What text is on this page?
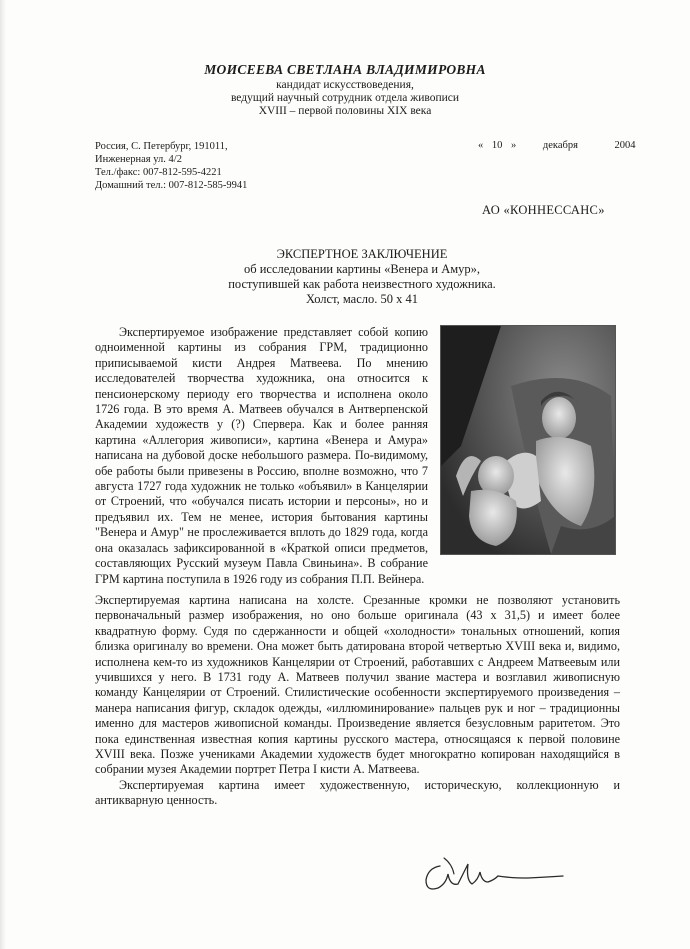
МОИСЕЕВА СВЕТЛАНА ВЛАДИМИРОВНА
кандидат искусствоведения,
ведущий научный сотрудник отдела живописи
XVIII – первой половины XIX века
Россия, С. Петербург, 191011,
Инженерная ул. 4/2
Тел./факс: 007-812-595-4221
Домашний тел.: 007-812-585-9941
« 10 »	декабря	2004
АО «КОННЕССАНС»
ЭКСПЕРТНОЕ ЗАКЛЮЧЕНИЕ
об исследовании картины «Венера и Амур»,
поступившей как работа неизвестного художника.
Холст, масло. 50 х 41

Экспертируемое изображение представляет собой копию одноименной картины из собрания ГРМ, традиционно приписываемой кисти Андрея Матвеева. По мнению исследователей творчества художника, она относится к пенсионерскому периоду его творчества и исполнена около 1726 года. В это время А. Матвеев обучался в Антверпенской Академии художеств у (?) Спервера. Как и более ранняя картина «Аллегория живописи», картина «Венера и Амура» написана на дубовой доске небольшого размера. По-видимому, обе работы были привезены в Россию, вполне возможно, что 7 августа 1727 года художник не только «объявил» в Канцелярии от Строений, что «обучался писать истории и персоны», но и предъявил их. Тем не менее, история бытования картины "Венера и Амур" не прослеживается вплоть до 1829 года, когда она оказалась зафиксированной в «Краткой описи предметов, составляющих Русский музеум Павла Свиньина». В собрание ГРМ картина поступила в 1926 году из собрания П.П. Вейнера.

Экспертируемая картина написана на холсте. Срезанные кромки не позволяют установить первоначальный размер изображения, но оно больше оригинала (43 х 31,5) и имеет более квадратную форму. Судя по сдержанности и общей «холодности» тональных отношений, копия близка оригиналу во времени. Она может быть датирована второй четвертью XVIII века и, видимо, исполнена кем-то из художников Канцелярии от Строений, работавших с Андреем Матвеевым или учившихся у него. В 1731 году А. Матвеев получил звание мастера и возглавил живописную команду Канцелярии от Строений. Стилистические особенности экспертируемого произведения – манера написания фигур, складок одежды, «иллюминирование» пальцев рук и ног – традиционны именно для мастеров живописной команды. Произведение является безусловным раритетом. Это пока единственная известная копия картины русского мастера, относящаяся к первой половине XVIII века. Позже учениками Академии художеств будет многократно копирован находящийся в собрании музея Академии портрет Петра I кисти А. Матвеева.

Экспертируемая картина имеет художественную, историческую, коллекционную и антикварную ценность.
